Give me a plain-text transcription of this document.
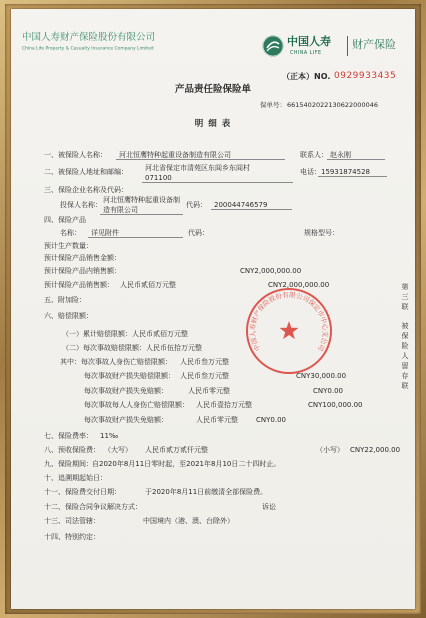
中国人寿财产保险股份有限公司
China Life Property & Casualty Insurance Company Limited
中国人寿
CHINA LIFE
财产保险
（正本）NO. 0929933435
产品责任险保险单
保单号： 6615402022130622000046
明 细 表
一、被保险人名称：	河北恒鹰特种起重设备制造有限公司	联系人： 赵永刚
二、被保险人地址和邮编： 河北省保定市清苑区东闾乡东闾村
071100
电话： 15931874528
三、保险企业名称及代码：
投保人名称：
河北恒鹰特种起重设备制
造有限公司
代码：	200044746579
四、保险产品
名称：	详见附件	代码：	规格型号：
预计生产数量：
预计保险产品销售金额：
预计保险产品内销售额：	CNY2,000,000.00
预计保险产品销售额： 人民币贰佰万元整	CNY2,000,000.00
五、附加险：
六、赔偿限额：
（一）累计赔偿限额： 人民币贰佰万元整
（二）每次事故赔偿限额： 人民币伍拾万元整
其中：每次事故人身伤亡赔偿限额： 人民币叁万元整
每次事故财产损失赔偿限额： 人民币叁万元整	CNY30,000.00
每次事故财产损失免赔额：	人民币零元整	CNY0.00
每次事故每人人身伤亡赔偿限额： 人民币壹拾万元整	CNY100,000.00
每次事故财产损失免赔额：	人民币零元整	CNY0.00
七、保险费率： 11‰
八、预收保险费： （大写） 人民币贰万贰仟元整	（小写） CNY22,000.00
九、保险期间： 自2020年8月11日零时起，至2021年8月10日二十四时止。
十、追溯期起始日：
十一、保险费交付日期：	于2020年8月11日前缴清全部保险费。
十二、保险合同争议解决方式：	诉讼
十三、司法管辖：	中国境内（港、澳、台除外）
十四、特别约定：
第三联
被保险人留存联
中国人寿财产保险股份有限公司保定市中心支公司
